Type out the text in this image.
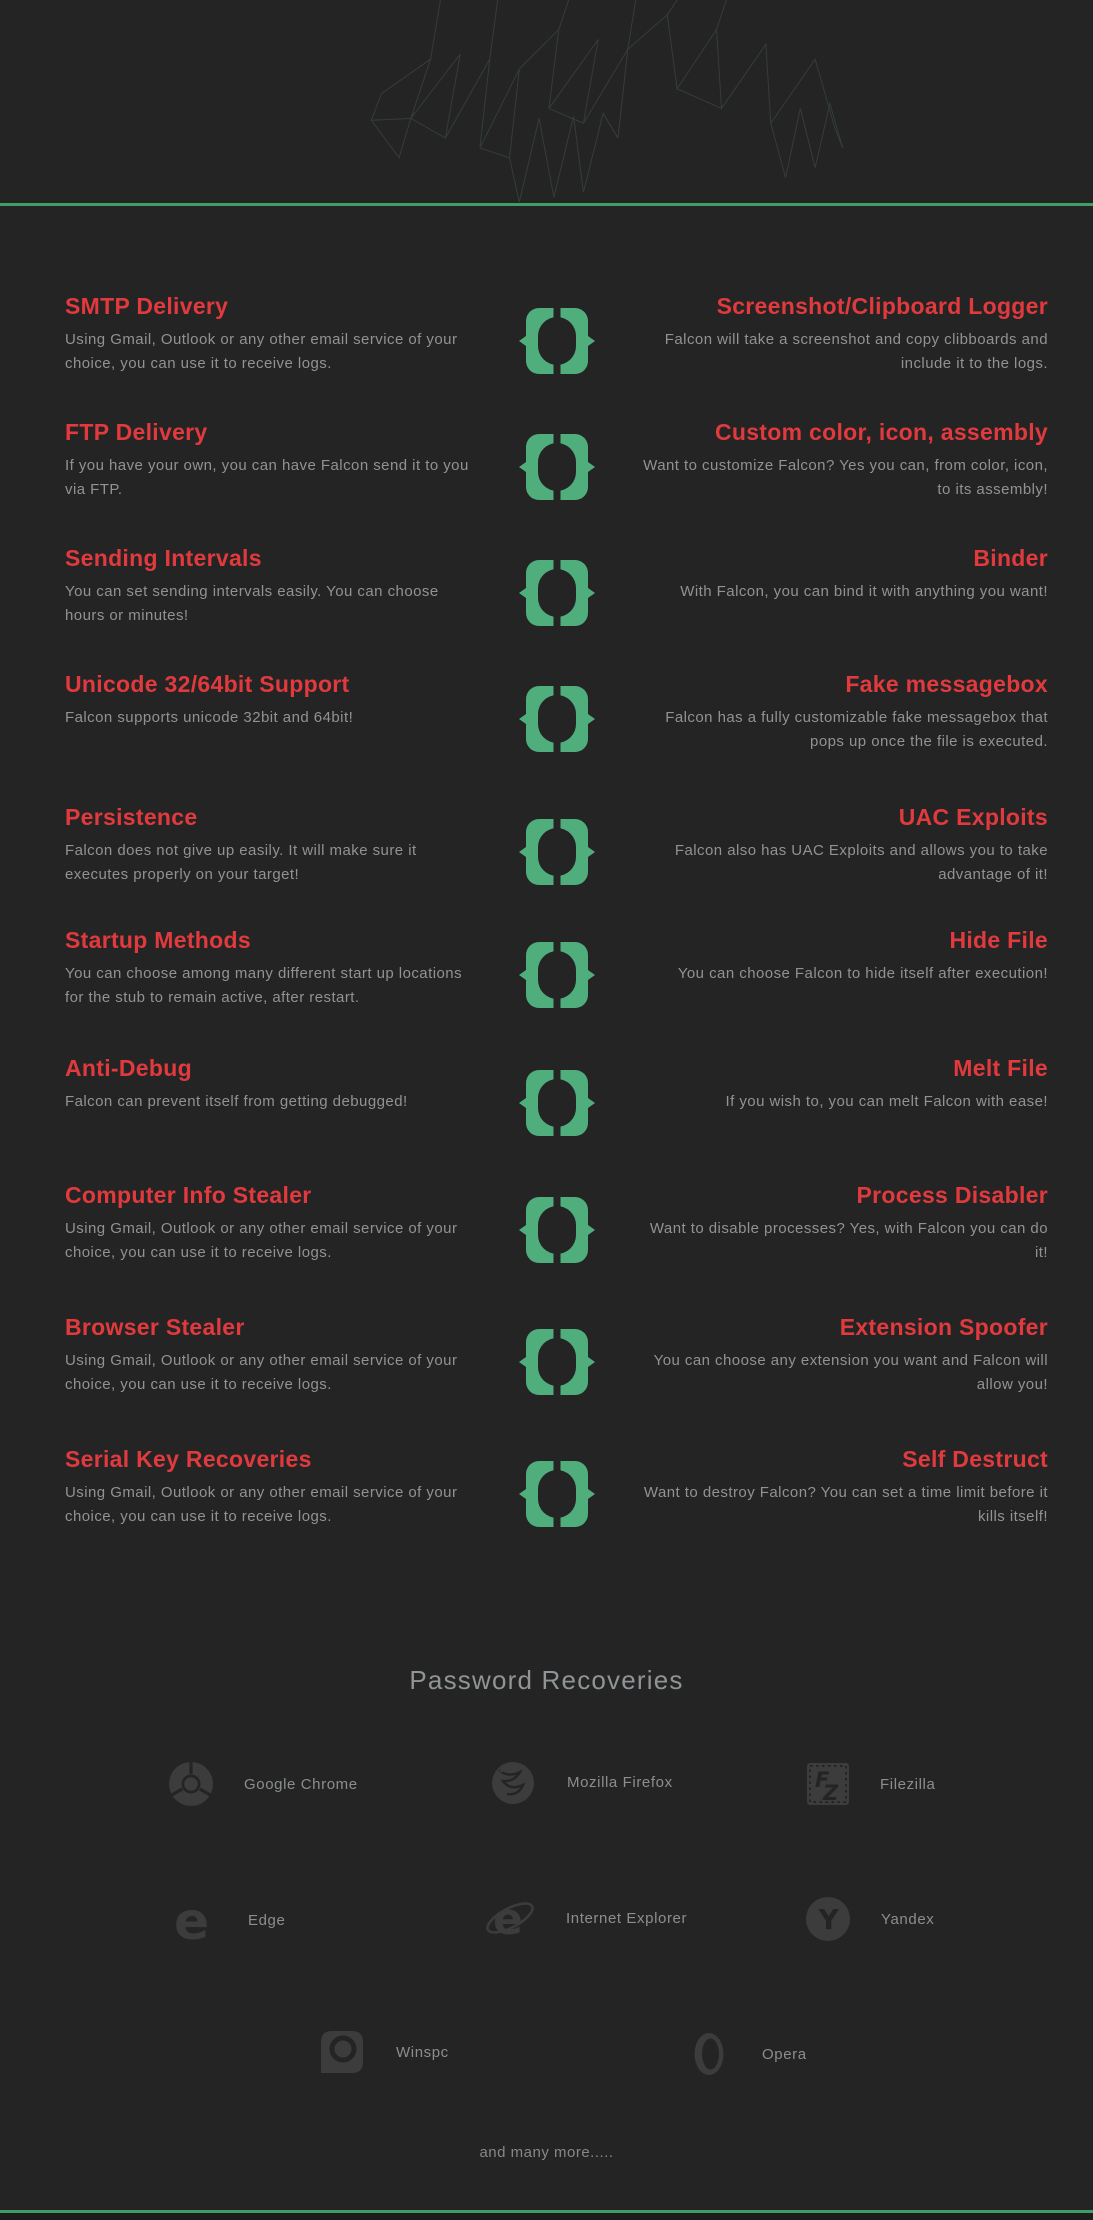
SMTP Delivery

Using Gmail, Outlook or any other email service of your choice, you can use it to receive logs.

Screenshot/Clipboard Logger

Falcon will take a screenshot and copy clibboards and include it to the logs.

FTP Delivery

If you have your own, you can have Falcon send it to you via FTP.

Custom color, icon, assembly

Want to customize Falcon? Yes you can, from color, icon, to its assembly!

Sending Intervals

You can set sending intervals easily. You can choose hours or minutes!

Binder

With Falcon, you can bind it with anything you want!

Unicode 32/64bit Support

Falcon supports unicode 32bit and 64bit!

Fake messagebox

Falcon has a fully customizable fake messagebox that pops up once the file is executed.

Persistence

Falcon does not give up easily. It will make sure it executes properly on your target!

UAC Exploits

Falcon also has UAC Exploits and allows you to take advantage of it!

Startup Methods

You can choose among many different start up locations for the stub to remain active, after restart.

Hide File

You can choose Falcon to hide itself after execution!

Anti-Debug

Falcon can prevent itself from getting debugged!

Melt File

If you wish to, you can melt Falcon with ease!

Computer Info Stealer

Using Gmail, Outlook or any other email service of your choice, you can use it to receive logs.

Process Disabler

Want to disable processes? Yes, with Falcon you can do it!

Browser Stealer

Using Gmail, Outlook or any other email service of your choice, you can use it to receive logs.

Extension Spoofer

You can choose any extension you want and Falcon will allow you!

Serial Key Recoveries

Using Gmail, Outlook or any other email service of your choice, you can use it to receive logs.

Self Destruct

Want to destroy Falcon? You can set a time limit before it kills itself!

Password Recoveries
Google Chrome	Mozilla Firefox	F
Z	Filezilla
e	Edge	e	Internet Explorer	Y	Yandex
Winspc	Opera
and many more.....
